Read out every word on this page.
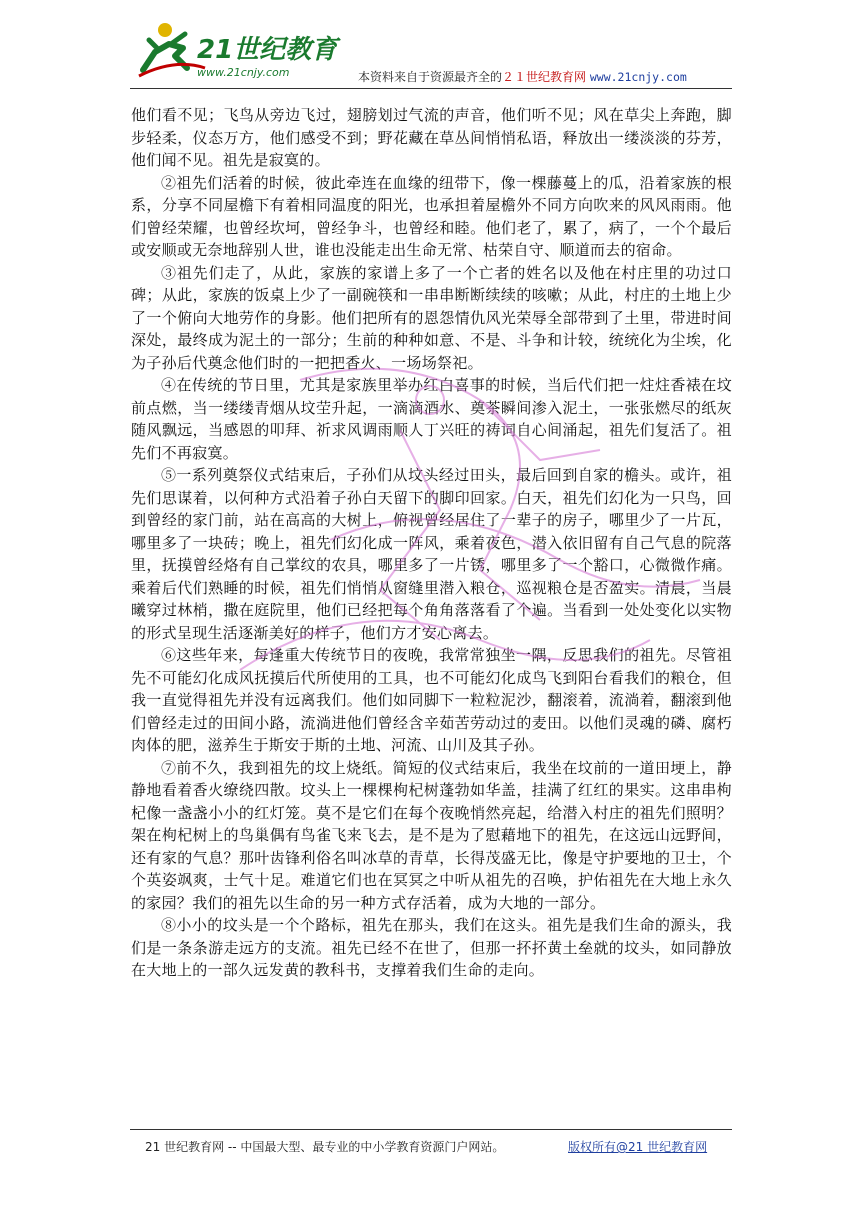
21世纪教育
www.21cnjy.com	本资料来自于资源最齐全的２１世纪教育网 www.21cnjy.com

他们看不见；飞鸟从旁边飞过，翅膀划过气流的声音，他们听不见；风在草尖上奔跑，脚步轻柔，仪态万方，他们感受不到；野花藏在草丛间悄悄私语，释放出一缕淡淡的芬芳，他们闻不见。祖先是寂寞的。

②祖先们活着的时候，彼此牵连在血缘的纽带下，像一棵藤蔓上的瓜，沿着家族的根系，分享不同屋檐下有着相同温度的阳光，也承担着屋檐外不同方向吹来的风风雨雨。他们曾经荣耀，也曾经坎坷，曾经争斗，也曾经和睦。他们老了，累了，病了，一个个最后或安顺或无奈地辞别人世，谁也没能走出生命无常、枯荣自守、顺道而去的宿命。

③祖先们走了，从此，家族的家谱上多了一个亡者的姓名以及他在村庄里的功过口碑；从此，家族的饭桌上少了一副碗筷和一串串断断续续的咳嗽；从此，村庄的土地上少了一个俯向大地劳作的身影。他们把所有的恩怨情仇风光荣辱全部带到了土里，带进时间深处，最终成为泥土的一部分；生前的种种如意、不是、斗争和计较，统统化为尘埃，化为子孙后代奠念他们时的一把把香火、一场场祭祀。

④在传统的节日里，尤其是家族里举办红白喜事的时候，当后代们把一炷炷香裱在坟前点燃，当一缕缕青烟从坟茔升起，一滴滴酒水、奠茶瞬间渗入泥土，一张张燃尽的纸灰随风飘远，当感恩的叩拜、祈求风调雨顺人丁兴旺的祷词自心间涌起，祖先们复活了。祖先们不再寂寞。

⑤一系列奠祭仪式结束后，子孙们从坟头经过田头，最后回到自家的檐头。或许，祖先们思谋着，以何种方式沿着子孙白天留下的脚印回家。白天，祖先们幻化为一只鸟，回到曾经的家门前，站在高高的大树上，俯视曾经居住了一辈子的房子，哪里少了一片瓦，哪里多了一块砖；晚上，祖先们幻化成一阵风，乘着夜色，潜入依旧留有自己气息的院落里，抚摸曾经烙有自己掌纹的农具，哪里多了一片锈，哪里多了一个豁口，心微微作痛。乘着后代们熟睡的时候，祖先们悄悄从窗缝里潜入粮仓，巡视粮仓是否盈实。清晨，当晨曦穿过林梢，撒在庭院里，他们已经把每个角角落落看了个遍。当看到一处处变化以实物的形式呈现生活逐渐美好的样子，他们方才安心离去。

⑥这些年来，每逢重大传统节日的夜晚，我常常独坐一隅，反思我们的祖先。尽管祖先不可能幻化成风抚摸后代所使用的工具，也不可能幻化成鸟飞到阳台看我们的粮仓，但我一直觉得祖先并没有远离我们。他们如同脚下一粒粒泥沙，翻滚着，流淌着，翻滚到他们曾经走过的田间小路，流淌进他们曾经含辛茹苦劳动过的麦田。以他们灵魂的磷、腐朽肉体的肥，滋养生于斯安于斯的土地、河流、山川及其子孙。

⑦前不久，我到祖先的坟上烧纸。简短的仪式结束后，我坐在坟前的一道田埂上，静静地看着香火缭绕四散。坟头上一棵棵枸杞树蓬勃如华盖，挂满了红红的果实。这串串枸杞像一盏盏小小的红灯笼。莫不是它们在每个夜晚悄然亮起，给潜入村庄的祖先们照明？架在枸杞树上的鸟巢偶有鸟雀飞来飞去，是不是为了慰藉地下的祖先，在这远山远野间，还有家的气息？那叶齿锋利俗名叫冰草的青草，长得茂盛无比，像是守护要地的卫士，个个英姿飒爽，士气十足。难道它们也在冥冥之中听从祖先的召唤，护佑祖先在大地上永久的家园？我们的祖先以生命的另一种方式存活着，成为大地的一部分。

⑧小小的坟头是一个个路标，祖先在那头，我们在这头。祖先是我们生命的源头，我们是一条条游走远方的支流。祖先已经不在世了，但那一抔抔黄土垒就的坟头，如同静放在大地上的一部久远发黄的教科书，支撑着我们生命的走向。

21 世纪教育网 -- 中国最大型、最专业的中小学教育资源门户网站。	版权所有@21 世纪教育网
